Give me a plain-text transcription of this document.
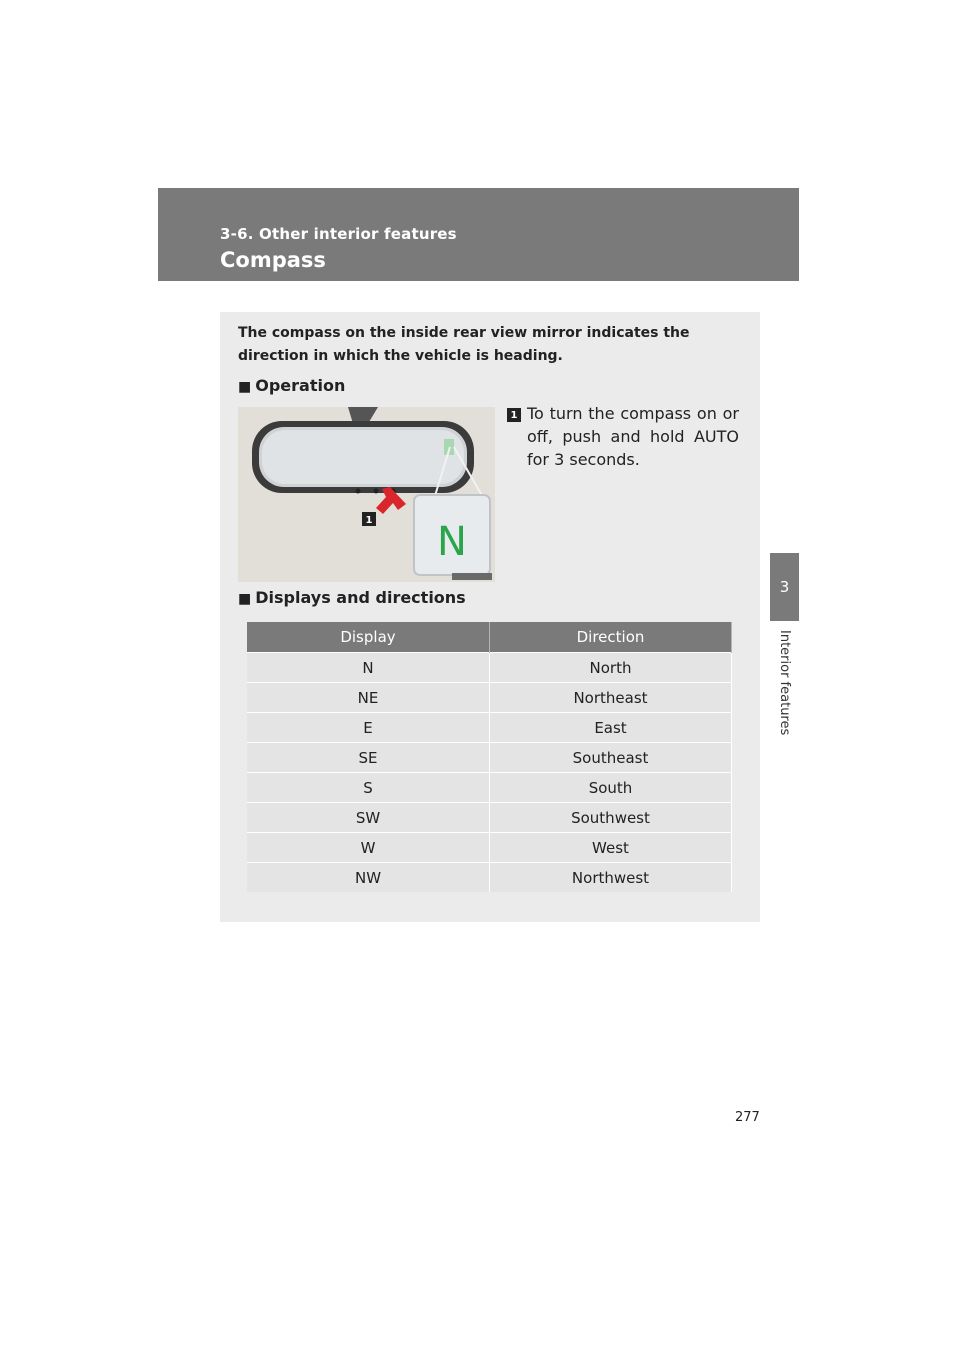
3-6. Other interior features
Compass
3
Interior features
The compass on the inside rear view mirror indicates the direction in which the vehicle is heading.
■ Operation
N
1
1 To turn the compass on or off, push and hold AUTO for 3 seconds.
■ Displays and directions
Display	Direction
N	North
NE	Northeast
E	East
SE	Southeast
S	South
SW	Southwest
W	West
NW	Northwest
277
